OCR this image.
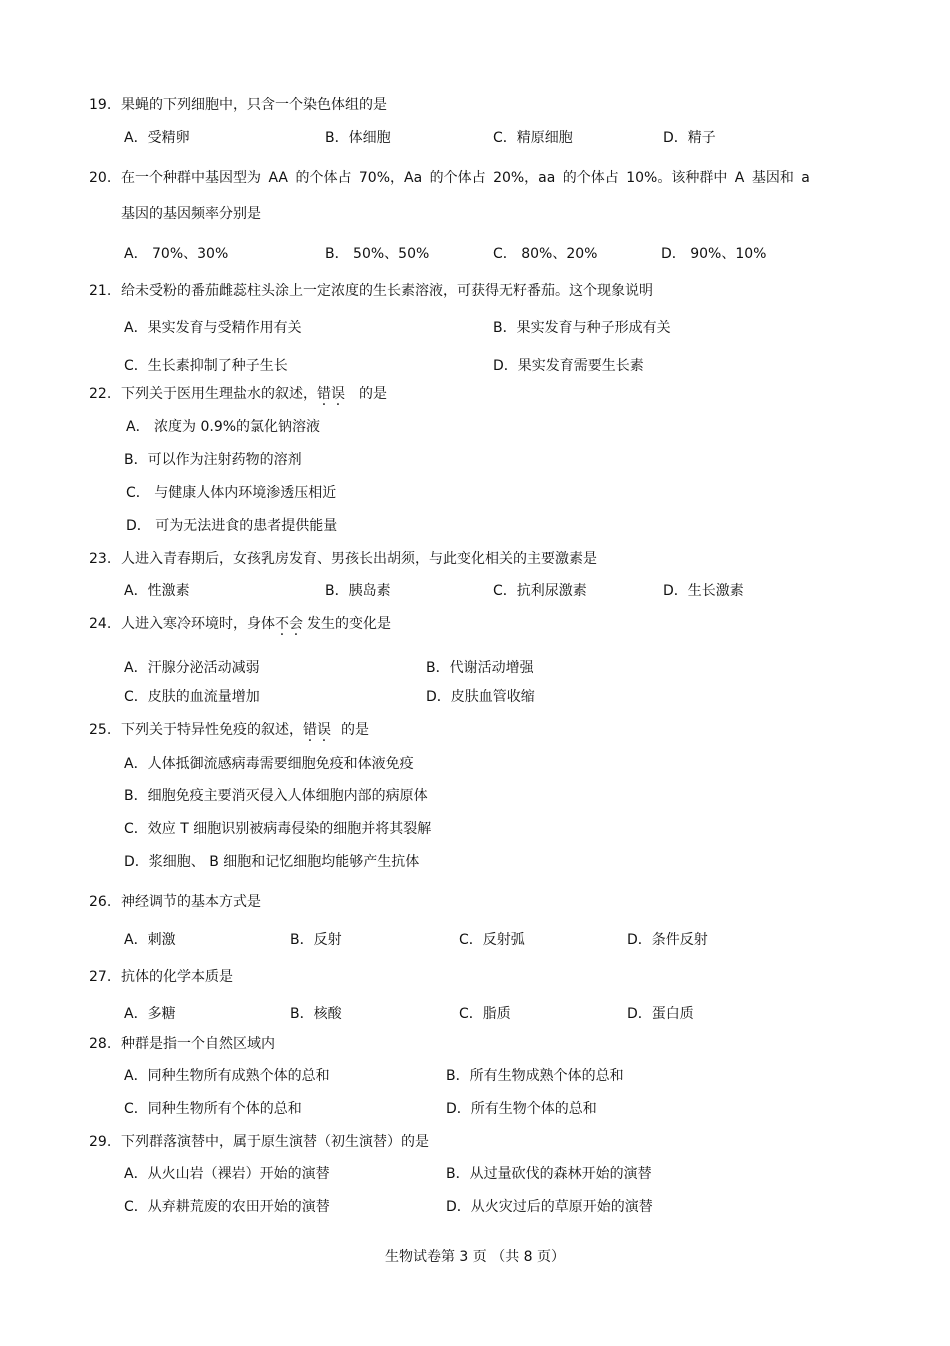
19. 果蝇的下列细胞中，只含一个染色体组的是
A．受精卵	B．体细胞	C．精原细胞	D．精子
20. 在一个种群中基因型为 AA 的个体占 70%，Aa 的个体占 20%，aa 的个体占 10%。该种群中 A 基因和 a
基因的基因频率分别是
A． 70%、30%	B． 50%、50%	C． 80%、20%	D． 90%、10%
21. 给未受粉的番茄雌蕊柱头涂上一定浓度的生长素溶液，可获得无籽番茄。这个现象说明
A．果实发育与受精作用有关	B．果实发育与种子形成有关
C．生长素抑制了种子生长	D．果实发育需要生长素
22. 下列关于医用生理盐水的叙述，错误 的是
A． 浓度为 0.9%的氯化钠溶液
B．可以作为注射药物的溶剂
C． 与健康人体内环境渗透压相近
D． 可为无法进食的患者提供能量
23. 人进入青春期后，女孩乳房发育、男孩长出胡须，与此变化相关的主要激素是
A．性激素	B．胰岛素	C．抗利尿激素	D．生长激素
24. 人进入寒冷环境时，身体不会 发生的变化是
A．汗腺分泌活动减弱	B．代谢活动增强
C．皮肤的血流量增加	D．皮肤血管收缩
25. 下列关于特异性免疫的叙述，错误 的是
A．人体抵御流感病毒需要细胞免疫和体液免疫
B．细胞免疫主要消灭侵入人体细胞内部的病原体
C．效应 T 细胞识别被病毒侵染的细胞并将其裂解
D．浆细胞、 B 细胞和记忆细胞均能够产生抗体
26. 神经调节的基本方式是
A．刺激	B．反射	C．反射弧	D．条件反射
27. 抗体的化学本质是
A．多糖	B．核酸	C．脂质	D．蛋白质
28. 种群是指一个自然区域内
A．同种生物所有成熟个体的总和	B．所有生物成熟个体的总和
C．同种生物所有个体的总和	D．所有生物个体的总和
29. 下列群落演替中，属于原生演替（初生演替）的是
A．从火山岩（裸岩）开始的演替	B．从过量砍伐的森林开始的演替
C．从弃耕荒废的农田开始的演替	D．从火灾过后的草原开始的演替
生物试卷第 3 页 （共 8 页）
